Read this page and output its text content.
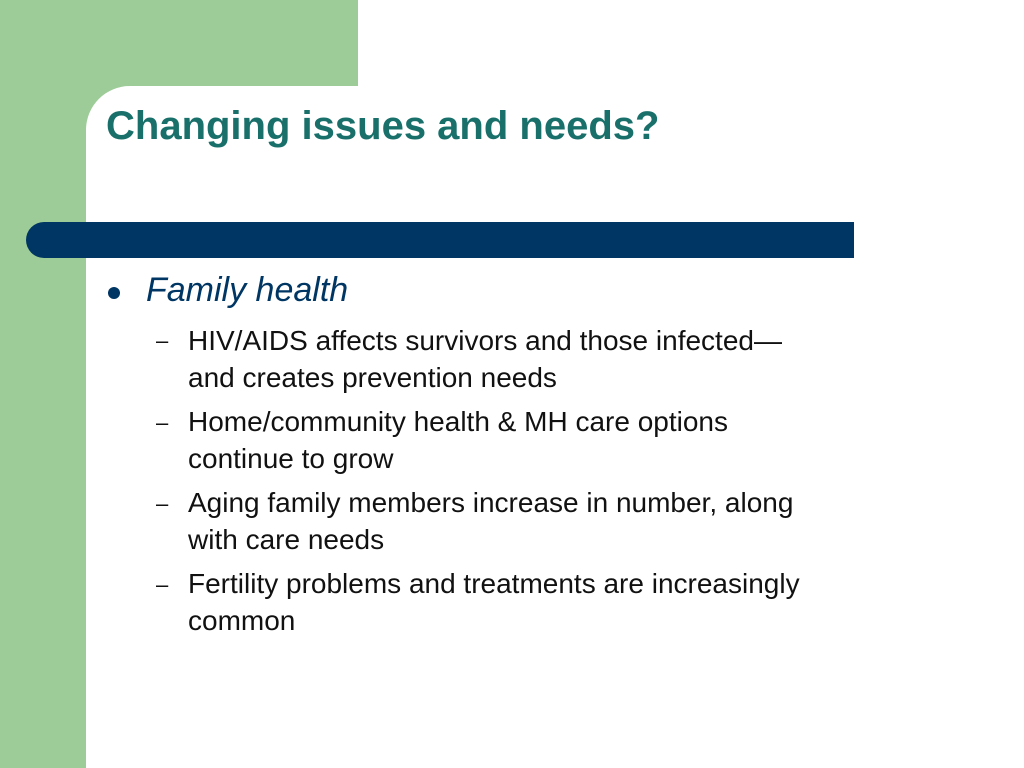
Changing issues and needs?
Family health
– HIV/AIDS affects survivors and those infected—
and creates prevention needs
– Home/community health & MH care options
continue to grow
– Aging family members increase in number, along
with care needs
– Fertility problems and treatments are increasingly
common
